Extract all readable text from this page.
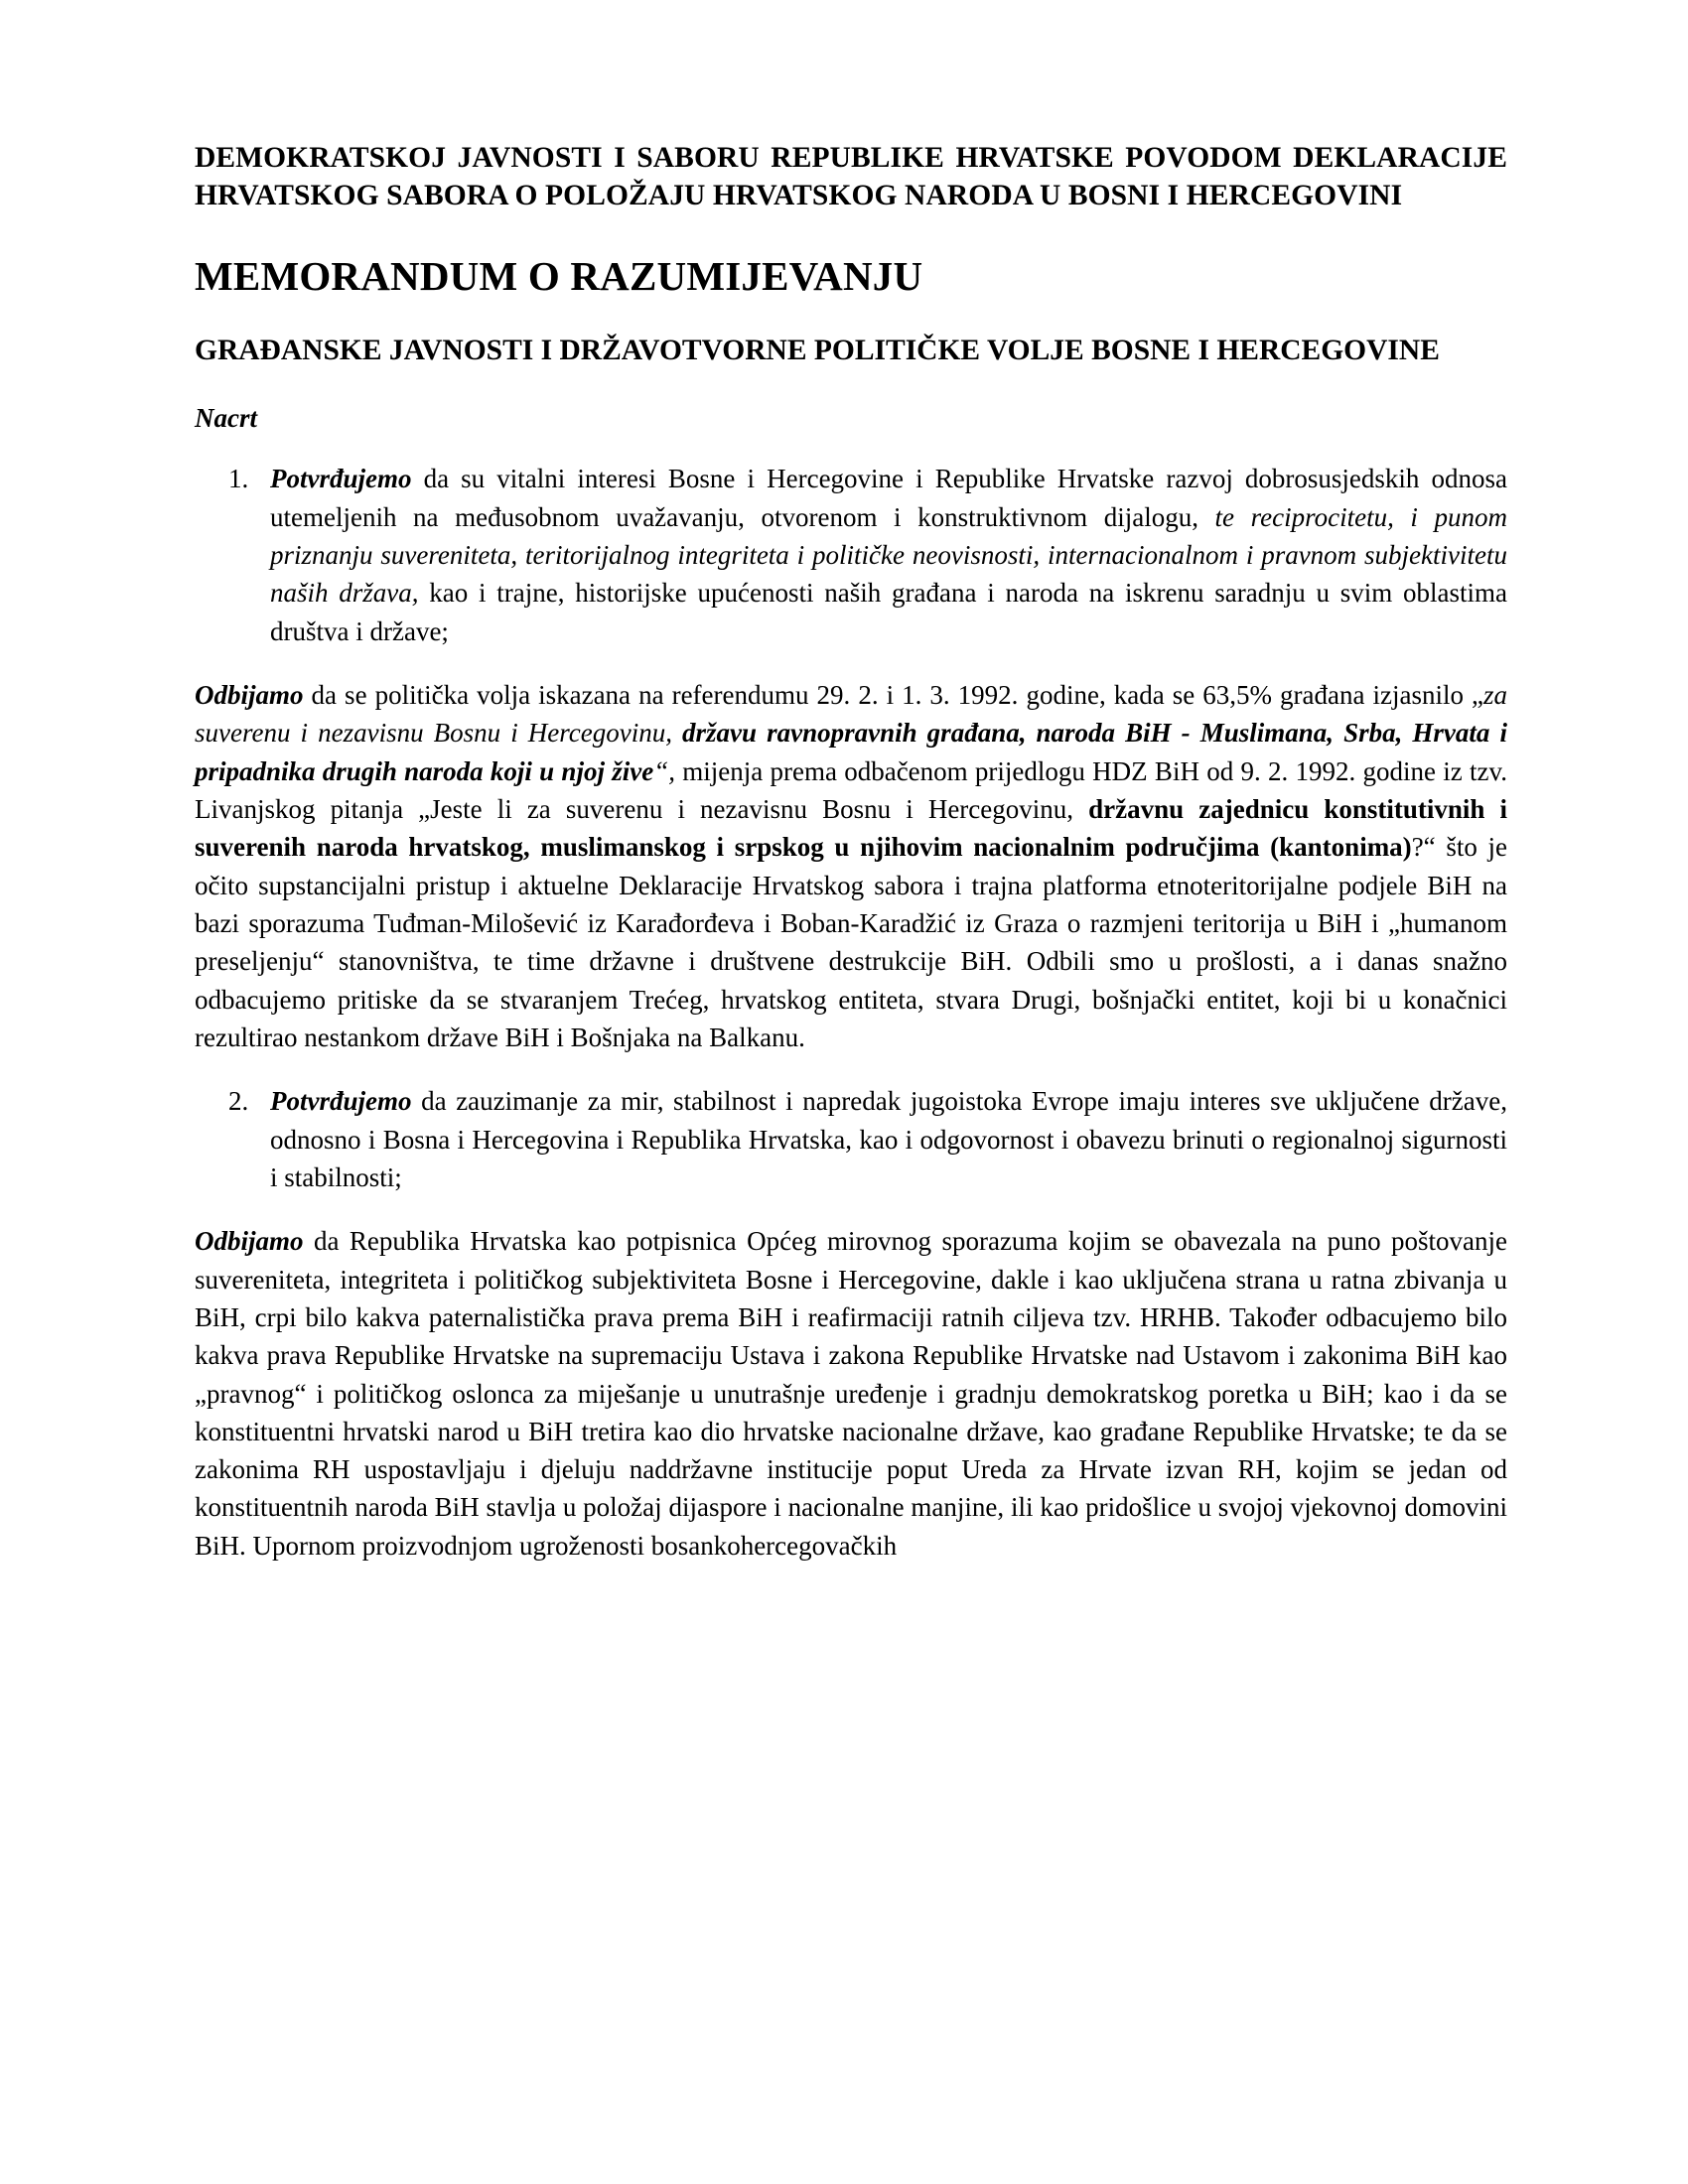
DEMOKRATSKOJ JAVNOSTI I SABORU REPUBLIKE HRVATSKE POVODOM DEKLARACIJE HRVATSKOG SABORA O POLOŽAJU HRVATSKOG NARODA U BOSNI I HERCEGOVINI
MEMORANDUM O RAZUMIJEVANJU
GRAĐANSKE JAVNOSTI I DRŽAVOTVORNE POLITIČKE VOLJE BOSNE I HERCEGOVINE
Nacrt
1. Potvrđujemo da su vitalni interesi Bosne i Hercegovine i Republike Hrvatske razvoj dobrosusjedskih odnosa utemeljenih na međusobnom uvažavanju, otvorenom i konstruktivnom dijalogu, te reciprocitetu, i punom priznanju suvereniteta, teritorijalnog integriteta i političke neovisnosti, internacionalnom i pravnom subjektivitetu naših država, kao i trajne, historijske upućenosti naših građana i naroda na iskrenu saradnju u svim oblastima društva i države;

Odbijamo da se politička volja iskazana na referendumu 29. 2. i 1. 3. 1992. godine, kada se 63,5% građana izjasnilo „za suverenu i nezavisnu Bosnu i Hercegovinu, državu ravnopravnih građana, naroda BiH - Muslimana, Srba, Hrvata i pripadnika drugih naroda koji u njoj žive“, mijenja prema odbačenom prijedlogu HDZ BiH od 9. 2. 1992. godine iz tzv. Livanjskog pitanja „Jeste li za suverenu i nezavisnu Bosnu i Hercegovinu, državnu zajednicu konstitutivnih i suverenih naroda hrvatskog, muslimanskog i srpskog u njihovim nacionalnim područjima (kantonima)?“ što je očito supstancijalni pristup i aktuelne Deklaracije Hrvatskog sabora i trajna platforma etnoteritorijalne podjele BiH na bazi sporazuma Tuđman-Milošević iz Karađorđeva i Boban-Karadžić iz Graza o razmjeni teritorija u BiH i „humanom preseljenju“ stanovništva, te time državne i društvene destrukcije BiH. Odbili smo u prošlosti, a i danas snažno odbacujemo pritiske da se stvaranjem Trećeg, hrvatskog entiteta, stvara Drugi, bošnjački entitet, koji bi u konačnici rezultirao nestankom države BiH i Bošnjaka na Balkanu.

2. Potvrđujemo da zauzimanje za mir, stabilnost i napredak jugoistoka Evrope imaju interes sve uključene države, odnosno i Bosna i Hercegovina i Republika Hrvatska, kao i odgovornost i obavezu brinuti o regionalnoj sigurnosti i stabilnosti;

Odbijamo da Republika Hrvatska kao potpisnica Općeg mirovnog sporazuma kojim se obavezala na puno poštovanje suvereniteta, integriteta i političkog subjektiviteta Bosne i Hercegovine, dakle i kao uključena strana u ratna zbivanja u BiH, crpi bilo kakva paternalistička prava prema BiH i reafirmaciji ratnih ciljeva tzv. HRHB. Također odbacujemo bilo kakva prava Republike Hrvatske na supremaciju Ustava i zakona Republike Hrvatske nad Ustavom i zakonima BiH kao „pravnog“ i političkog oslonca za miješanje u unutrašnje uređenje i gradnju demokratskog poretka u BiH; kao i da se konstituentni hrvatski narod u BiH tretira kao dio hrvatske nacionalne države, kao građane Republike Hrvatske; te da se zakonima RH uspostavljaju i djeluju naddržavne institucije poput Ureda za Hrvate izvan RH, kojim se jedan od konstituentnih naroda BiH stavlja u položaj dijaspore i nacionalne manjine, ili kao pridošlice u svojoj vjekovnoj domovini BiH. Upornom proizvodnjom ugroženosti bosankohercegovačkih
